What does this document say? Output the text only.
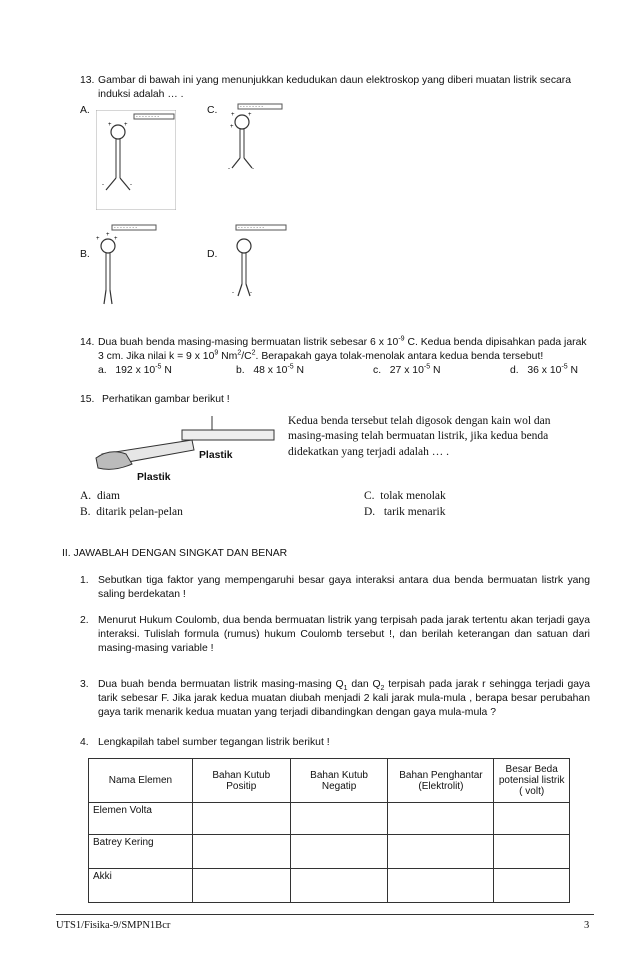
13. Gambar di bawah ini yang menunjukkan kedudukan daun elektroskop yang diberi muatan listrik secara induksi adalah … .
A.	C.
B.	D.
- - - - - - - -
+ +
-	-
- - - - - - - -
+ +
+
-	-
- - - - - - - -
+ +
+
- - - - - - - - -
-	-
14. Dua buah benda masing-masing bermuatan listrik sebesar 6 x $10^{-9}$ C. Kedua benda dipisahkan pada jarak
3 cm. Jika nilai k = 9 x $10^9$ $Nm^2/C^2$. Berapakah gaya tolak-menolak antara kedua benda tersebut!
a. 192 x $10^{-5}$ N	b. 48 x $10^{-5}$ N	c. 27 x $10^{-5}$ N	d. 36 x $10^{-5}$ N
15. Perhatikan gambar berikut !
Plastik
Plastik
Kedua benda tersebut telah digosok dengan kain wol dan masing-masing telah bermuatan listrik, jika kedua benda didekatkan yang terjadi adalah … .
A. diam
B. ditarik pelan-pelan
C. tolak menolak
D. tarik menarik
II. JAWABLAH DENGAN SINGKAT DAN BENAR
1. Sebutkan tiga faktor yang mempengaruhi besar gaya interaksi antara dua benda bermuatan listrk yang saling berdekatan !
2. Menurut Hukum Coulomb, dua benda bermuatan listrik yang terpisah pada jarak tertentu akan terjadi gaya interaksi. Tulislah formula (rumus) hukum Coulomb tersebut !, dan berilah keterangan dan satuan dari masing-masing variable !
3. Dua buah benda bermuatan listrik masing-masing $Q_1$ dan $Q_2$ terpisah pada jarak r sehingga terjadi gaya tarik sebesar F. Jika jarak kedua muatan diubah menjadi 2 kali jarak mula-mula , berapa besar perubahan gaya tarik menarik kedua muatan yang terjadi dibandingkan dengan gaya mula-mula ?
4. Lengkapilah tabel sumber tegangan listrik berikut !
Nama Elemen	Bahan Kutub Positip	Bahan Kutub Negatip	Bahan Penghantar (Elektrolit)	Besar Beda potensial listrik ( volt)
Elemen Volta				
Batrey Kering				
Akki				
UTS1/Fisika-9/SMPN1Bcr	3
